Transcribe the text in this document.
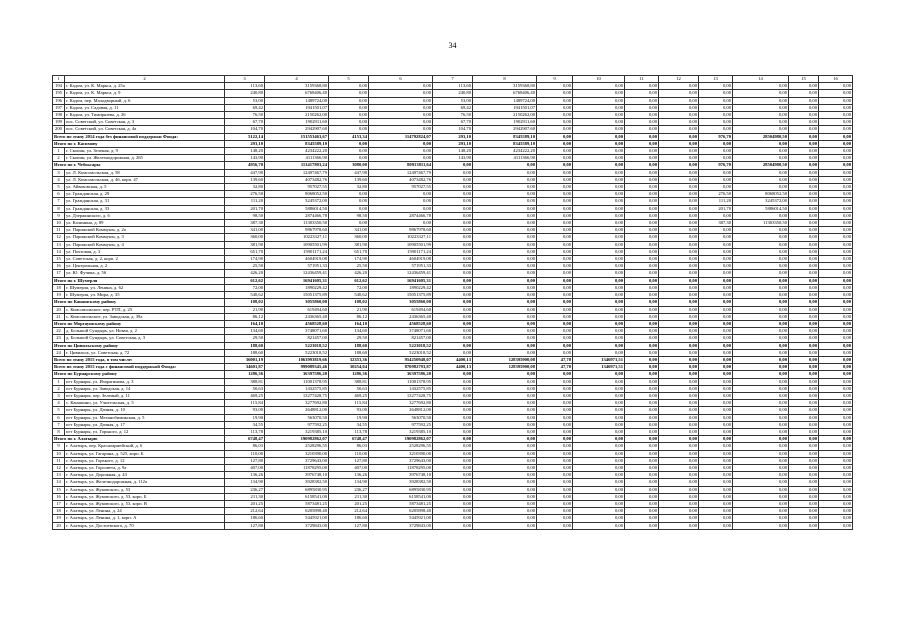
34
1	2	3	4	5	6	7	8	9	10	11	12	13	14	15	16
194	г. Кадом, ул. К. Маркса, д. 25а	113,60	3159368,80	0,00	0,00	113,60	3159368,80	0,00	0,00	0,00	0,00	0,00	0,00	0,00	0,00
195	г. Кадом, ул. К. Маркса, д. 9	240,80	6768406,40	0,00	0,00	240,80	6768406,40	0,00	0,00	0,00	0,00	0,00	0,00	0,00	0,00
196	г. Кадом, пер. Малодворный, д. 6	53,00	1489724,00	0,00	0,00	53,00	1489724,00	0,00	0,00	0,00	0,00	0,00	0,00	0,00	0,00
197	г. Кадом, ул. Садовая, д. 11	69,42	1941501,07	0,00	0,00	69,42	1941501,07	0,00	0,00	0,00	0,00	0,00	0,00	0,00	0,00
198	г. Кадом, ул. Тимирязева, д. 26	76,50	2150262,00	0,00	0,00	76,50	2150262,00	0,00	0,00	0,00	0,00	0,00	0,00	0,00	0,00
199	пос. Советский, ул. Советская, д. 3	67,70	1902911,60	0,00	0,00	67,70	1902911,60	0,00	0,00	0,00	0,00	0,00	0,00	0,00	0,00
200	пос. Советский, ул. Советская, д. 4а	104,70	2942907,60	0,00	0,00	104,70	2942907,60	0,00	0,00	0,00	0,00	0,00	0,00	0,00	0,00
Всего по этапу 2014 года без финансовой поддержки Фонда:		5122,14	151553463,67	4153,34	114792824,07	293,10	8345589,10	0,00	0,00	0,00	0,00	976,70	28504980,50	0,00	0,00
Итого по г. Касимову		293,10	8345589,10	0,00	0,00	293,10	8345589,10	0,00	0,00	0,00	0,00	0,00	0,00	0,00	0,00
1	г. Скопин, ул. Зеленая, д. 9	148,20	4234222,20	0,00	0,00	148,20	4234222,20	0,00	0,00	0,00	0,00	0,00	0,00	0,00	0,00
2	г. Скопин, ул. Железнодорожная, д. 265	143,90	4111366,90	0,00	0,00	143,90	4111366,90	0,00	0,00	0,00	0,00	0,00	0,00	0,00	0,00
Итого по г. Чебоксары		4956,70	113417803,24	3080,00	80913811,64	0,00	0,00	0,00	0,00	0,00	0,00	976,70	28504980,50	0,00	0,00
3	ул. Л. Комсомольская, д. 58	447,90	12497467,79	447,90	12497467,79	0,00	0,00	0,00	0,00	0,00	0,00	0,00	0,00	0,00	0,00
4	ул. Л. Комсомольская, д. 46, корп. 47	139,60	4073482,76	139,60	4073482,76	0,00	0,00	0,00	0,00	0,00	0,00	0,00	0,00	0,00	0,00
5	ул. Айвазовская, д. 5	32,80	957027,55	32,80	957027,55	0,00	0,00	0,00	0,00	0,00	0,00	0,00	0,00	0,00	0,00
6	ул. Гражданская, д. 29	276,50	8068052,50	0,00	0,00	0,00	0,00	0,00	0,00	0,00	0,00	276,50	8068052,50	0,00	0,00
7	ул. Гражданская, д. 31	111,20	3245372,00	0,00	0,00	0,00	0,00	0,00	0,00	0,00	0,00	111,20	3245372,00	0,00	0,00
8	ул. Гражданская, д. 33	201,70	5886014,50	0,00	0,00	0,00	0,00	0,00	0,00	0,00	0,00	201,70	5886014,50	0,00	0,00
9	ул. Дзержинского, д. 6	98,50	2874466,78	98,50	2874466,78	0,00	0,00	0,00	0,00	0,00	0,00	0,00	0,00	0,00	0,00
10	ул. Калинина, д. 89	387,30	11303350,50	0,00	0,00	0,00	0,00	0,00	0,00	0,00	0,00	387,30	11303350,50	0,00	0,00
11	ул. Парижской Коммуны, д. 2а	341,00	9867978,60	341,00	9867978,60	0,00	0,00	0,00	0,00	0,00	0,00	0,00	0,00	0,00	0,00
12	ул. Парижской Коммуны, д. 3	360,00	10223327,11	360,00	10223327,11	0,00	0,00	0,00	0,00	0,00	0,00	0,00	0,00	0,00	0,00
13	ул. Парижской Коммуны, д. 4	381,90	10905501,99	381,90	10905501,99	0,00	0,00	0,00	0,00	0,00	0,00	0,00	0,00	0,00	0,00
14	ул. Почтовая, д. 3	651,70	15901171,24	651,70	15901171,24	0,00	0,00	0,00	0,00	0,00	0,00	0,00	0,00	0,00	0,00
15	ул. Советская, д. 2, корп. 2	174,90	4604919,08	174,90	4604919,08	0,00	0,00	0,00	0,00	0,00	0,00	0,00	0,00	0,00	0,00
16	ул. Центральная, д. 2	25,50	571951,33	25,50	571951,33	0,00	0,00	0,00	0,00	0,00	0,00	0,00	0,00	0,00	0,00
17	ул. Ю. Фучика, д. 56	426,20	12436459,41	426,20	12436459,41	0,00	0,00	0,00	0,00	0,00	0,00	0,00	0,00	0,00	0,00
Итого по г. Шумерля		612,62	16941605,31	612,62	16941605,31	0,00	0,00	0,00	0,00	0,00	0,00	0,00	0,00	0,00	0,00
18	г. Шумерля, ул. Ленина, д. 62	72,00	1890229,42	72,00	1890229,42	0,00	0,00	0,00	0,00	0,00	0,00	0,00	0,00	0,00	0,00
19	г. Шумерля, ул. Мира, д. 35	540,62	15051375,89	540,62	15051375,89	0,00	0,00	0,00	0,00	0,00	0,00	0,00	0,00	0,00	0,00
Итого по Канашскому району		108,02	3055860,00	108,02	3055860,00	0,00	0,00	0,00	0,00	0,00	0,00	0,00	0,00	0,00	0,00
20	с. Комсомольское, пер. РТП, д. 25	21,90	619494,60	21,90	619494,60	0,00	0,00	0,00	0,00	0,00	0,00	0,00	0,00	0,00	0,00
21	с. Комсомольское, ул. Заводская, д. 39а	86,12	2436365,40	86,12	2436365,40	0,00	0,00	0,00	0,00	0,00	0,00	0,00	0,00	0,00	0,00
Итого по Моргаушскому району		164,10	4568528,60	164,10	4568528,60	0,00	0,00	0,00	0,00	0,00	0,00	0,00	0,00	0,00	0,00
22	д. Большой Сундырь, ул. Новая, д. 2	134,60	3748071,60	134,60	3748071,60	0,00	0,00	0,00	0,00	0,00	0,00	0,00	0,00	0,00	0,00
23	д. Большой Сундырь, ул. Советская, д. 3	29,50	821457,00	29,50	821457,00	0,00	0,00	0,00	0,00	0,00	0,00	0,00	0,00	0,00	0,00
Итого по Цивильскому району		188,60	5223018,52	188,60	5223018,52	0,00	0,00	0,00	0,00	0,00	0,00	0,00	0,00	0,00	0,00
24	г. Цивильск, ул. Советская, д. 72	188,60	5223018,52	188,60	5223018,52	0,00	0,00	0,00	0,00	0,00	0,00	0,00	0,00	0,00	0,00
Всего по этапу 2015 года, в том числе:		36001,19	1063993819,66	32353,36	954250948,07	4400,13	128395900,08	47,70	1346971,51	0,00	0,00	0,00	0,00	0,00	0,00
Всего по этапу 2015 года с финансовой поддержкой Фонда:		34601,87	999089345,46	30254,04	870982793,87	4400,13	128395900,08	47,70	1346971,51	0,00	0,00	0,00	0,00	0,00	0,00
Итого по Бурнарскому району		1286,36	36397586,20	1286,36	36397586,20	0,00	0,00	0,00	0,00	0,00	0,00	0,00	0,00	0,00	0,00
1	пгт Бурнары, ул. Изарагинова, д. 3	388,81	11001378,95	388,81	11001378,95	0,00	0,00	0,00	0,00	0,00	0,00	0,00	0,00	0,00	0,00
2	пгт Бурнары, ул. Заводская, д. 14	50,63	1432575,85	50,63	1432575,85	0,00	0,00	0,00	0,00	0,00	0,00	0,00	0,00	0,00	0,00
3	пгт Бурнары, пер. Зеленый, д. 11	469,25	13277428,75	469,25	13277428,75	0,00	0,00	0,00	0,00	0,00	0,00	0,00	0,00	0,00	0,00
4	с. Канашино, ул. Учительская, д. 5	115,84	3277692,80	115,84	3277692,80	0,00	0,00	0,00	0,00	0,00	0,00	0,00	0,00	0,00	0,00
5	пгт Бурнары, ул. Дачная, д. 10	93,00	2648812,00	93,00	2648812,00	0,00	0,00	0,00	0,00	0,00	0,00	0,00	0,00	0,00	0,00
6	пгт Бурнары, ул. Механобимикская, д. 5	19,90	563070,50	19,90	563070,50	0,00	0,00	0,00	0,00	0,00	0,00	0,00	0,00	0,00	0,00
7	пгт Бурнары, ул. Дачная, д. 17	34,55	977592,25	34,55	977592,25	0,00	0,00	0,00	0,00	0,00	0,00	0,00	0,00	0,00	0,00
8	пгт Бурнары, ул. Горького, д. 12	113,78	3219385,10	113,78	3219385,10	0,00	0,00	0,00	0,00	0,00	0,00	0,00	0,00	0,00	0,00
Итого по г. Алатырю		6748,47	190982862,07	6748,47	190982862,07	0,00	0,00	0,00	0,00	0,00	0,00	0,00	0,00	0,00	0,00
9	г. Алатырь, пер. Красноармейский, д. 6	86,03	2528296,55	86,03	2528296,55	0,00	0,00	0,00	0,00	0,00	0,00	0,00	0,00	0,00	0,00
10	г. Алатырь, ул. Гагарина, д. 525, корп. Б	110,00	3210390,00	110,00	3210390,00	0,00	0,00	0,00	0,00	0,00	0,00	0,00	0,00	0,00	0,00
11	г. Алатырь, ул. Горького, д. 12	127,80	3729643,00	127,80	3729643,00	0,00	0,00	0,00	0,00	0,00	0,00	0,00	0,00	0,00	0,00
12	г. Алатырь, ул. Горсовета, д. 9а	407,00	11878295,00	407,00	11878295,00	0,00	0,00	0,00	0,00	0,00	0,00	0,00	0,00	0,00	0,00
13	г. Алатырь, ул. Дорожная, д. 43	136,26	3976748,10	136,26	3976748,10	0,00	0,00	0,00	0,00	0,00	0,00	0,00	0,00	0,00	0,00
14	г. Алатырь, ул. Железнодорожная, д. 112а	134,90	3928382,50	134,90	3928382,50	0,00	0,00	0,00	0,00	0,00	0,00	0,00	0,00	0,00	0,00
15	г. Алатырь, ул. Жуковского, д. 53	236,27	6895830,95	236,27	6895830,95	0,00	0,00	0,00	0,00	0,00	0,00	0,00	0,00	0,00	0,00
16	г. Алатырь, ул. Жуковского, д. 53, корп. Б	211,30	6158541,00	211,30	6158541,00	0,00	0,00	0,00	0,00	0,00	0,00	0,00	0,00	0,00	0,00
17	г. Алатырь, ул. Жуковского, д. 53, корп. В	201,25	5873481,25	201,25	5873481,25	0,00	0,00	0,00	0,00	0,00	0,00	0,00	0,00	0,00	0,00
18	г. Алатырь, ул. Ленина, д. 24	212,64	6205898,40	212,64	6205898,40	0,00	0,00	0,00	0,00	0,00	0,00	0,00	0,00	0,00	0,00
19	г. Алатырь, ул. Ленина, д. 1, корп. А	186,60	5445921,00	186,60	5445921,00	0,00	0,00	0,00	0,00	0,00	0,00	0,00	0,00	0,00	0,00
20	г. Алатырь, ул. Достоевского, д. 70	127,80	3729843,00	127,80	3729843,00	0,00	0,00	0,00	0,00	0,00	0,00	0,00	0,00	0,00	0,00
